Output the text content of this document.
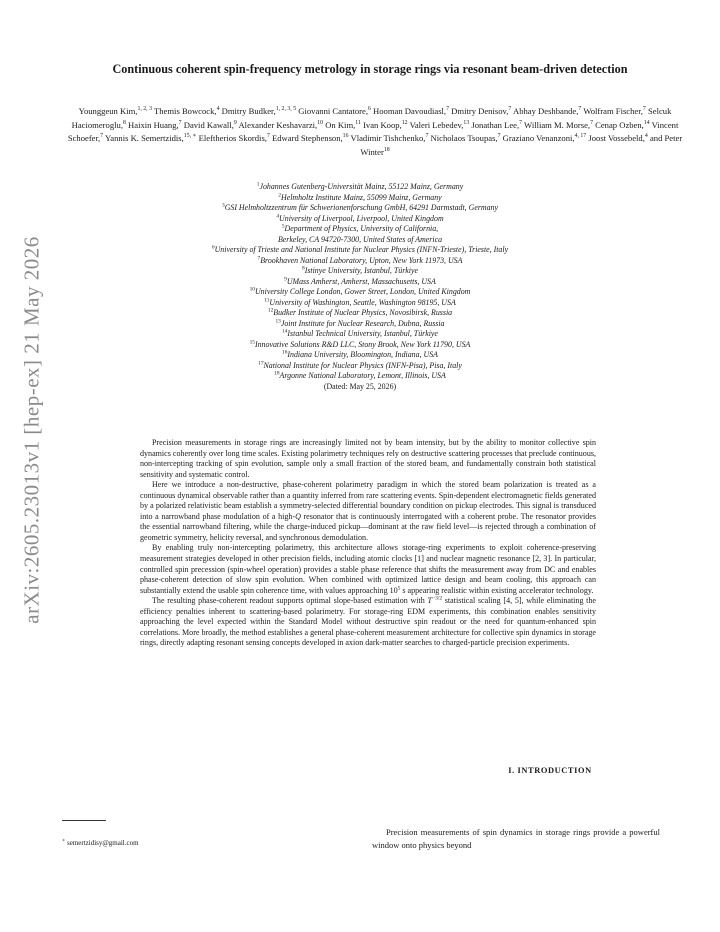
arXiv:2605.23013v1 [hep-ex] 21 May 2026
Continuous coherent spin-frequency metrology in storage rings via resonant beam-driven detection
Younggeun Kim,$^{1, 2, 3}$ Themis Bowcock,$^4$ Dmitry Budker,$^{1, 2, 3, 5}$ Giovanni Cantatore,$^6$ Hooman Davoudiasl,$^7$ Dmitry Denisov,$^7$ Abhay Deshbande,$^7$ Wolfram Fischer,$^7$ Selcuk Haciomeroglu,$^8$ Haixin Huang,$^7$ David Kawall,$^9$ Alexander Keshavarzi,$^{10}$ On Kim,$^{11}$ Ivan Koop,$^{12}$ Valeri Lebedev,$^{13}$ Jonathan Lee,$^7$ William M. Morse,$^7$ Cenap Ozben,$^{14}$ Vincent Schoefer,$^7$ Yannis K. Semertzidis,$^{15, ∗}$ Eleftherios Skordis,$^7$ Edward Stephenson,$^{16}$ Vladimir Tishchenko,$^7$ Nicholaos Tsoupas,$^7$ Graziano Venanzoni,$^{4, 17}$ Joost Vossebeld,$^4$ and Peter Winter$^{18}$
$^1$Johannes Gutenberg-Universität Mainz, 55122 Mainz, Germany
$^2$Helmholtz Institute Mainz, 55099 Mainz, Germany
$^3$GSI Helmholtzzentrum für Schwerionenforschung GmbH, 64291 Darmstadt, Germany
$^4$University of Liverpool, Liverpool, United Kingdom
$^5$Department of Physics, University of California,
Berkeley, CA 94720-7300, United States of America
$^6$University of Trieste and National Institute for Nuclear Physics (INFN-Trieste), Trieste, Italy
$^7$Brookhaven National Laboratory, Upton, New York 11973, USA
$^8$Istinye University, Istanbul, Türkiye
$^9$UMass Amherst, Amherst, Massachusetts, USA
$^{10}$University College London, Gower Street, London, United Kingdom
$^{11}$University of Washington, Seattle, Washington 98195, USA
$^{12}$Budker Institute of Nuclear Physics, Novosibirsk, Russia
$^{13}$Joint Institute for Nuclear Research, Dubna, Russia
$^{14}$Istanbul Technical University, Istanbul, Türkiye
$^{15}$Innovative Solutions R&D LLC, Stony Brook, New York 11790, USA
$^{16}$Indiana University, Bloomington, Indiana, USA
$^{17}$National Institute for Nuclear Physics (INFN-Pisa), Pisa, Italy
$^{18}$Argonne National Laboratory, Lemont, Illinois, USA
(Dated: May 25, 2026)

Precision measurements in storage rings are increasingly limited not by beam intensity, but by the ability to monitor collective spin dynamics coherently over long time scales. Existing polarimetry techniques rely on destructive scattering processes that preclude continuous, non-intercepting tracking of spin evolution, sample only a small fraction of the stored beam, and fundamentally constrain both statistical sensitivity and systematic control.

Here we introduce a non-destructive, phase-coherent polarimetry paradigm in which the stored beam polarization is treated as a continuous dynamical observable rather than a quantity inferred from rare scattering events. Spin-dependent electromagnetic fields generated by a polarized relativistic beam establish a symmetry-selected differential boundary condition on pickup electrodes. This signal is transduced into a narrowband phase modulation of a high-Q resonator that is continuously interrogated with a coherent probe. The resonator provides the essential narrowband filtering, while the charge-induced pickup—dominant at the raw field level—is rejected through a combination of geometric symmetry, helicity reversal, and synchronous demodulation.

By enabling truly non-intercepting polarimetry, this architecture allows storage-ring experiments to exploit coherence-preserving measurement strategies developed in other precision fields, including atomic clocks [1] and nuclear magnetic resonance [2, 3]. In particular, controlled spin precession (spin-wheel operation) provides a stable phase reference that shifts the measurement away from DC and enables phase-coherent detection of slow spin evolution. When combined with optimized lattice design and beam cooling, this approach can substantially extend the usable spin coherence time, with values approaching $10^5$ s appearing realistic within existing accelerator technology.

The resulting phase-coherent readout supports optimal slope-based estimation with $T^{-3/2}$ statistical scaling [4, 5], while eliminating the efficiency penalties inherent to scattering-based polarimetry. For storage-ring EDM experiments, this combination enables sensitivity approaching the level expected within the Standard Model without destructive spin readout or the need for quantum-enhanced spin correlations. More broadly, the method establishes a general phase-coherent measurement architecture for collective spin dynamics in storage rings, directly adapting resonant sensing concepts developed in axion dark-matter searches to charged-particle precision experiments.

I. INTRODUCTION

Precision measurements of spin dynamics in storage rings provide a powerful window onto physics beyond

∗ semertzidisy@gmail.com
